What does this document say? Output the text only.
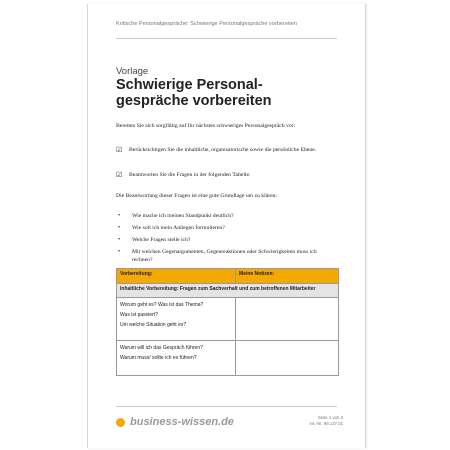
Kritische Personalgespräche: Schwierige Personalgespräche vorbereiten
Vorlage
Schwierige Personal-
gespräche vorbereiten
Bereiten Sie sich sorgfältig auf Ihr nächstes schwieriges Personalgespräch vor:
☑ Berücksichtigen Sie die inhaltliche, organisatorische sowie die persönliche Ebene.
☑ Beantworten Sie die Fragen in der folgenden Tabelle.
Die Beantwortung dieser Fragen ist eine gute Grundlage um zu klären:
• Wie mache ich meinen Standpunkt deutlich?
• Wie soll ich mein Anliegen formulieren?
• Welche Fragen stelle ich?
• Mit welchen Gegenargumenten, Gegenreaktionen oder Schwierigkeiten muss ich rechnen?
Vorbereitung:	Meine Notizen:
Inhaltliche Vorbereitung: Fragen zum Sachverhalt und zum betroffenen Mitarbeiter	

Worum geht es? Was ist das Thema?
Was ist passiert?
Um welche Situation geht es?	

Warum will ich das Gespräch führen?
Warum muss/ sollte ich es führen?	

business-wissen.de	Seite 1 von 3
Art.-Nr. 99.137.01
